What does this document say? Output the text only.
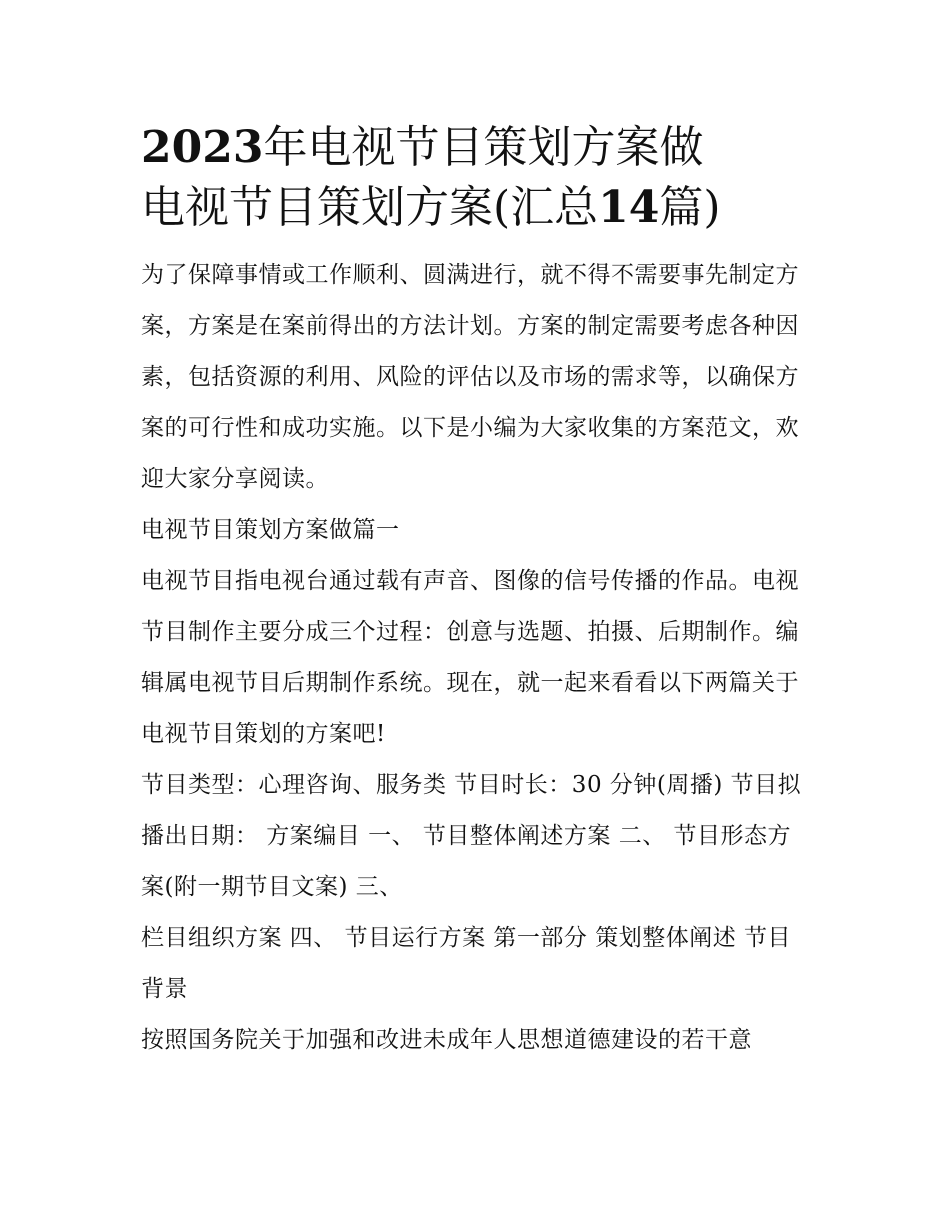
2023年电视节目策划方案做
电视节目策划方案(汇总14篇)

为了保障事情或工作顺利、圆满进行，就不得不需要事先制定方案，方案是在案前得出的方法计划。方案的制定需要考虑各种因素，包括资源的利用、风险的评估以及市场的需求等，以确保方案的可行性和成功实施。以下是小编为大家收集的方案范文，欢迎大家分享阅读。

电视节目策划方案做篇一

电视节目指电视台通过载有声音、图像的信号传播的作品。电视节目制作主要分成三个过程：创意与选题、拍摄、后期制作。编辑属电视节目后期制作系统。现在，就一起来看看以下两篇关于电视节目策划的方案吧!

节目类型：心理咨询、服务类 节目时长：30 分钟(周播) 节目拟播出日期： 方案编目 一、 节目整体阐述方案 二、 节目形态方案(附一期节目文案) 三、

栏目组织方案 四、 节目运行方案 第一部分 策划整体阐述 节目背景

按照国务院关于加强和改进未成年人思想道德建设的若干意
